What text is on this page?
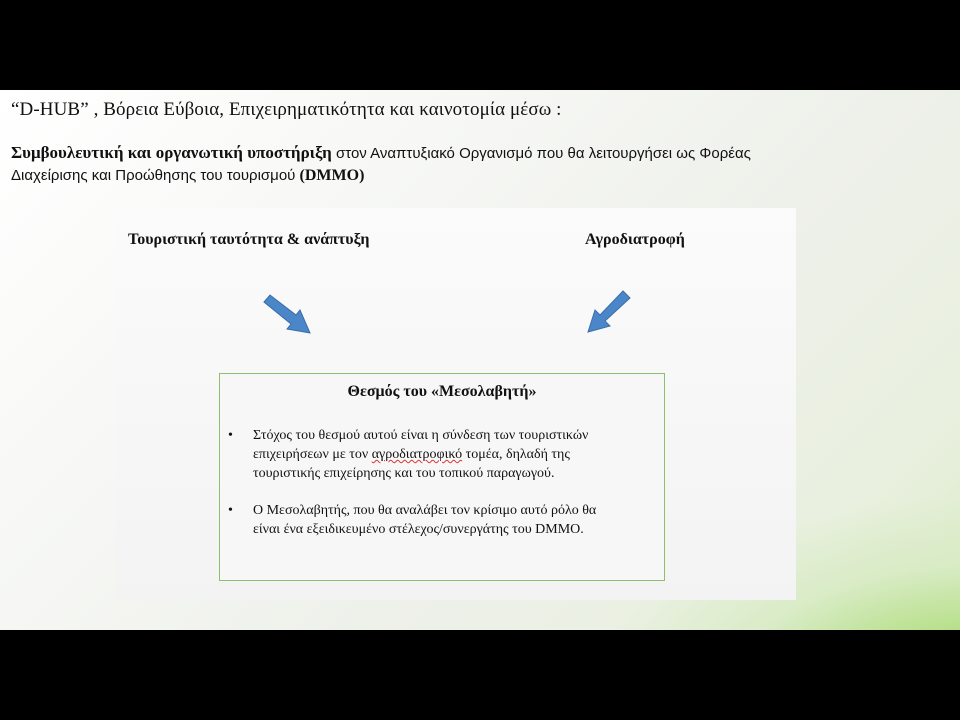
“D-HUB” , Βόρεια Εύβοια, Επιχειρηματικότητα και καινοτομία μέσω :
Συμβουλευτική και οργανωτική υποστήριξη στον Αναπτυξιακό Οργανισμό που θα λειτουργήσει ως Φορέας
Διαχείρισης και Προώθησης του τουρισμού (DMMO)
Τουριστική ταυτότητα & ανάπτυξη	Αγροδιατροφή
Θεσμός του «Μεσολαβητή»
• Στόχος του θεσμού αυτού είναι η σύνδεση των τουριστικών
επιχειρήσεων με τον αγροδιατροφικό τομέα, δηλαδή της
τουριστικής επιχείρησης και του τοπικού παραγωγού.
• Ο Μεσολαβητής, που θα αναλάβει τον κρίσιμο αυτό ρόλο θα
είναι ένα εξειδικευμένο στέλεχος/συνεργάτης του DMMO.
